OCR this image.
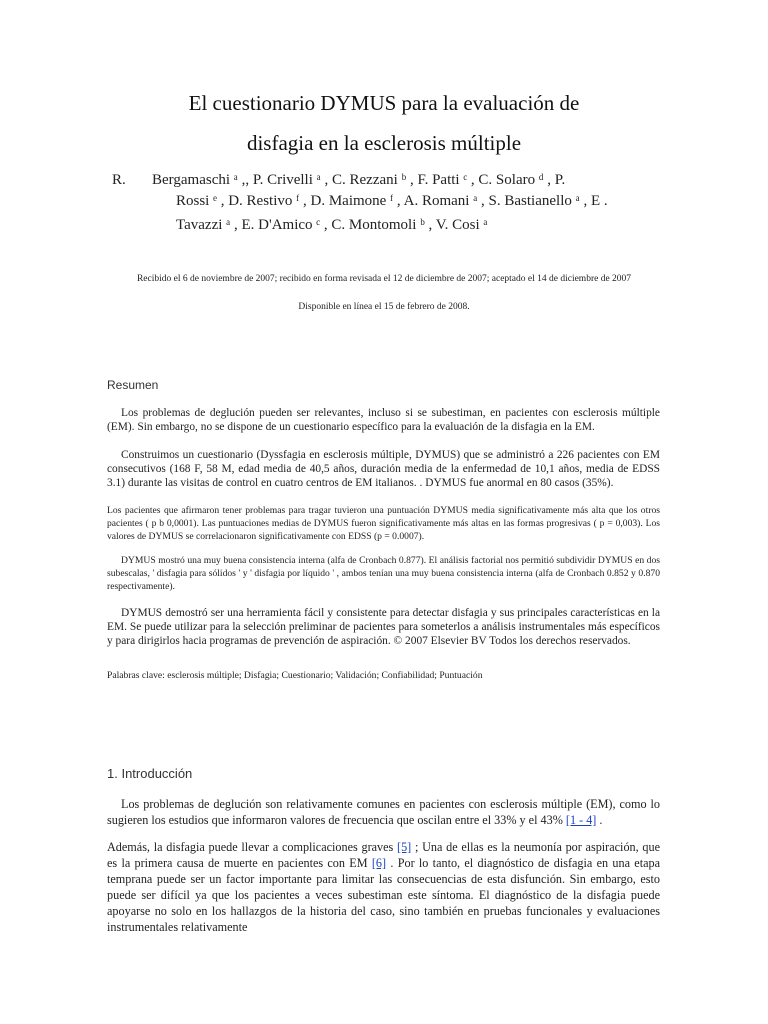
El cuestionario DYMUS para la evaluación de
disfagia en la esclerosis múltiple
R. Bergamaschi ᵃ ,, P. Crivelli ᵃ , C. Rezzani ᵇ , F. Patti ᶜ , C. Solaro ᵈ , P.
Rossi ᵉ , D. Restivo ᶠ , D. Maimone ᶠ , A. Romani ᵃ , S. Bastianello ᵃ , E .
Tavazzi ᵃ , E. D'Amico ᶜ , C. Montomoli ᵇ , V. Cosi ᵃ
Recibido el 6 de noviembre de 2007; recibido en forma revisada el 12 de diciembre de 2007; aceptado el 14 de diciembre de 2007
Disponible en línea el 15 de febrero de 2008.
Resumen

Los problemas de deglución pueden ser relevantes, incluso si se subestiman, en pacientes con esclerosis múltiple (EM). Sin embargo, no se dispone de un cuestionario específico para la evaluación de la disfagia en la EM.

Construimos un cuestionario (Dyssfagia en esclerosis múltiple, DYMUS) que se administró a 226 pacientes con EM consecutivos (168 F, 58 M, edad media de 40,5 años, duración media de la enfermedad de 10,1 años, media de EDSS 3.1) durante las visitas de control en cuatro centros de EM italianos. . DYMUS fue anormal en 80 casos (35%).

Los pacientes que afirmaron tener problemas para tragar tuvieron una puntuación DYMUS media significativamente más alta que los otros pacientes ( p b 0,0001). Las puntuaciones medias de DYMUS fueron significativamente más altas en las formas progresivas ( p = 0,003). Los valores de DYMUS se correlacionaron significativamente con EDSS (p = 0.0007).

DYMUS mostró una muy buena consistencia interna (alfa de Cronbach 0.877). El análisis factorial nos permitió subdividir DYMUS en dos subescalas, ' disfagia para sólidos ' y ' disfagia por líquido ' , ambos tenían una muy buena consistencia interna (alfa de Cronbach 0.852 y 0.870 respectivamente).

DYMUS demostró ser una herramienta fácil y consistente para detectar disfagia y sus principales características en la EM. Se puede utilizar para la selección preliminar de pacientes para someterlos a análisis instrumentales más específicos y para dirigirlos hacia programas de prevención de aspiración. © 2007 Elsevier BV Todos los derechos reservados.

Palabras clave: esclerosis múltiple; Disfagia; Cuestionario; Validación; Confiabilidad; Puntuación
1. Introducción

Los problemas de deglución son relativamente comunes en pacientes con esclerosis múltiple (EM), como lo sugieren los estudios que informaron valores de frecuencia que oscilan entre el 33% y el 43% [1 - 4] .

Además, la disfagia puede llevar a complicaciones graves [5] ; Una de ellas es la neumonía por aspiración, que es la primera causa de muerte en pacientes con EM [6] . Por lo tanto, el diagnóstico de disfagia en una etapa temprana puede ser un factor importante para limitar las consecuencias de esta disfunción. Sin embargo, esto puede ser difícil ya que los pacientes a veces subestiman este síntoma. El diagnóstico de la disfagia puede apoyarse no solo en los hallazgos de la historia del caso, sino también en pruebas funcionales y evaluaciones instrumentales relativamente
